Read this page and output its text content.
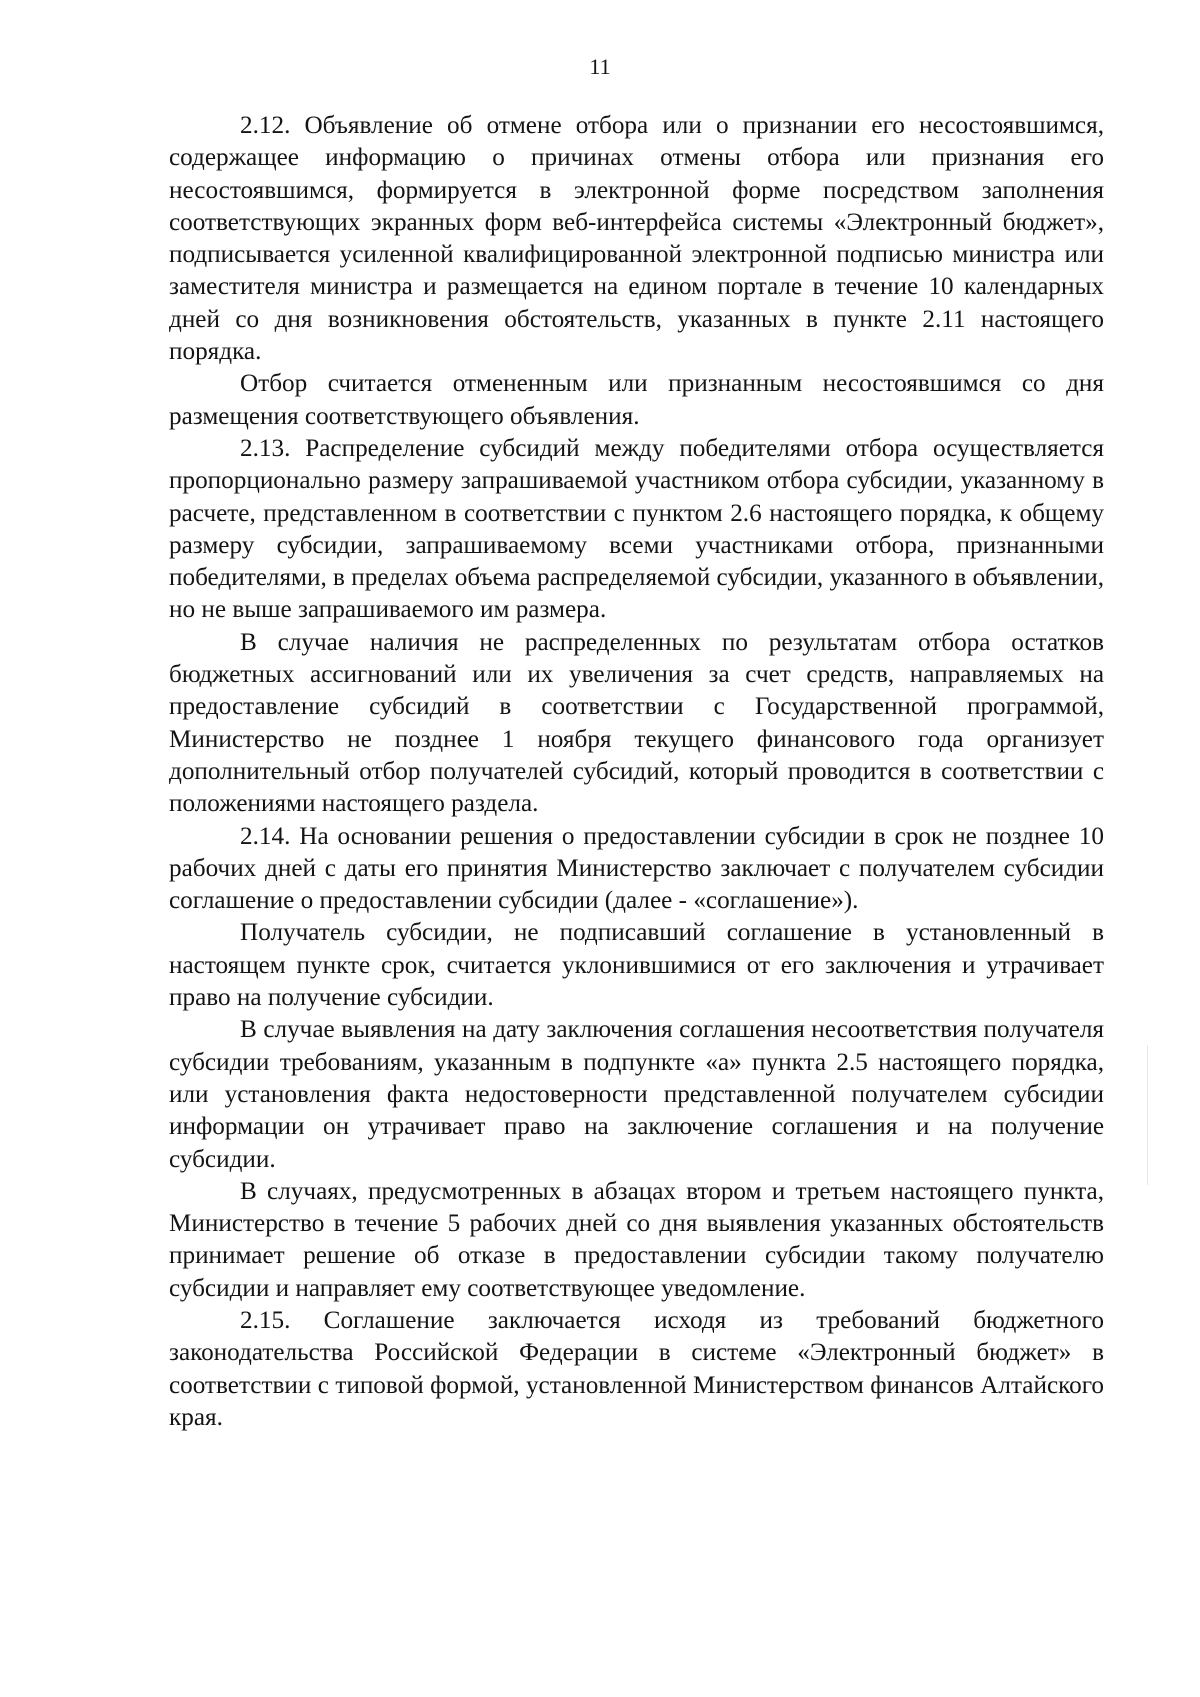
11

2.12. Объявление об отмене отбора или о признании его несостоявшимся, содержащее информацию о причинах отмены отбора или признания его несостоявшимся, формируется в электронной форме посредством заполнения соответствующих экранных форм веб-интерфейса системы «Электронный бюджет», подписывается усиленной квалифицированной электронной подписью министра или заместителя министра и размещается на едином портале в течение 10 календарных дней со дня возникновения обстоятельств, указанных в пункте 2.11 настоящего порядка.

Отбор считается отмененным или признанным несостоявшимся со дня размещения соответствующего объявления.

2.13. Распределение субсидий между победителями отбора осуществляется пропорционально размеру запрашиваемой участником отбора субсидии, указанному в расчете, представленном в соответствии с пунктом 2.6 настоящего порядка, к общему размеру субсидии, запрашиваемому всеми участниками отбора, признанными победителями, в пределах объема распределяемой субсидии, указанного в объявлении, но не выше запрашиваемого им размера.

В случае наличия не распределенных по результатам отбора остатков бюджетных ассигнований или их увеличения за счет средств, направляемых на предоставление субсидий в соответствии с Государственной программой, Министерство не позднее 1 ноября текущего финансового года организует дополнительный отбор получателей субсидий, который проводится в соответствии с положениями настоящего раздела.

2.14. На основании решения о предоставлении субсидии в срок не позднее 10 рабочих дней с даты его принятия Министерство заключает с получателем субсидии соглашение о предоставлении субсидии (далее - «соглашение»).

Получатель субсидии, не подписавший соглашение в установленный в настоящем пункте срок, считается уклонившимися от его заключения и утрачивает право на получение субсидии.

В случае выявления на дату заключения соглашения несоответствия получателя субсидии требованиям, указанным в подпункте «а» пункта 2.5 настоящего порядка, или установления факта недостоверности представленной получателем субсидии информации он утрачивает право на заключение соглашения и на получение субсидии.

В случаях, предусмотренных в абзацах втором и третьем настоящего пункта, Министерство в течение 5 рабочих дней со дня выявления указанных обстоятельств принимает решение об отказе в предоставлении субсидии такому получателю субсидии и направляет ему соответствующее уведомление.

2.15. Соглашение заключается исходя из требований бюджетного законодательства Российской Федерации в системе «Электронный бюджет» в соответствии с типовой формой, установленной Министерством финансов Алтайского края.
